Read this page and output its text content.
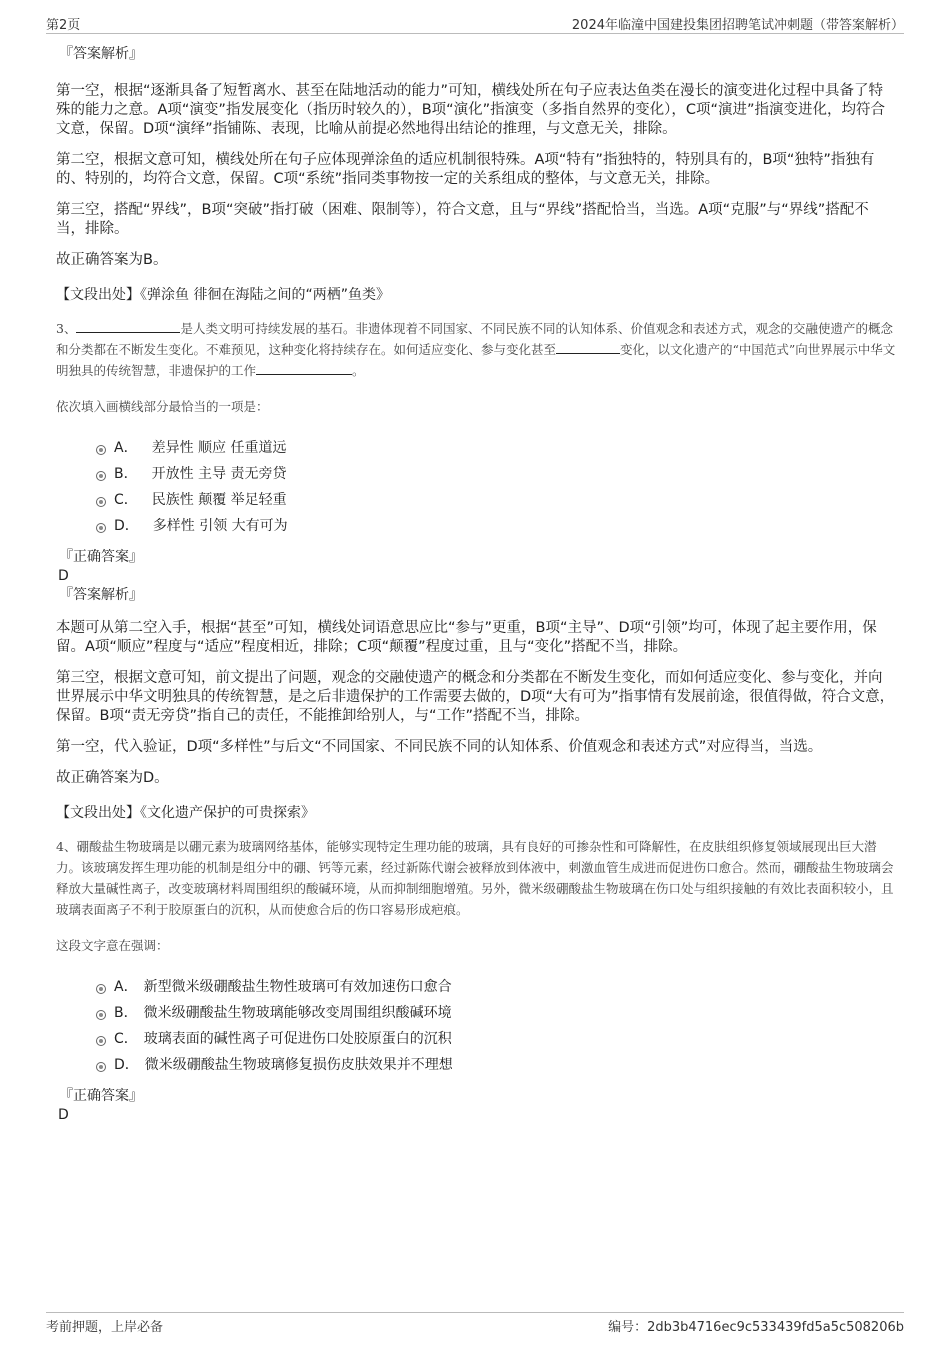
第2页	2024年临潼中国建投集团招聘笔试冲刺题（带答案解析）
『答案解析』
第一空，根据“逐渐具备了短暂离水、甚至在陆地活动的能力”可知，横线处所在句子应表达鱼类在漫长的演变进化过程中具备了特殊的能力之意。A项“演变”指发展变化（指历时较久的），B项“演化”指演变（多指自然界的变化），C项“演进”指演变进化，均符合文意，保留。D项“演绎”指铺陈、表现，比喻从前提必然地得出结论的推理，与文意无关，排除。
第二空，根据文意可知，横线处所在句子应体现弹涂鱼的适应机制很特殊。A项“特有”指独特的，特别具有的，B项“独特”指独有的、特别的，均符合文意，保留。C项“系统”指同类事物按一定的关系组成的整体，与文意无关，排除。
第三空，搭配“界线”，B项“突破”指打破（困难、限制等），符合文意，且与“界线”搭配恰当，当选。A项“克服”与“界线”搭配不当，排除。
故正确答案为B。
【文段出处】《弹涂鱼 徘徊在海陆之间的“两栖”鱼类》
3、	是人类文明可持续发展的基石。非遗体现着不同国家、不同民族不同的认知体系、价值观念和表述方式，观念的交融使遗产的概念和分类都在不断发生变化。不难预见，这种变化将持续存在。如何适应变化、参与变化甚至	变化，以文化遗产的“中国范式”向世界展示中华文明独具的传统智慧，非遗保护的工作	。
依次填入画横线部分最恰当的一项是：
A． 差异性 顺应 任重道远
B． 开放性 主导 责无旁贷
C． 民族性 颠覆 举足轻重
D． 多样性 引领 大有可为
『正确答案』
D
『答案解析』
本题可从第二空入手，根据“甚至”可知，横线处词语意思应比“参与”更重，B项“主导”、D项“引领”均可，体现了起主要作用，保留。A项“顺应”程度与“适应”程度相近，排除；C项“颠覆”程度过重，且与“变化”搭配不当，排除。
第三空，根据文意可知，前文提出了问题，观念的交融使遗产的概念和分类都在不断发生变化，而如何适应变化、参与变化，并向世界展示中华文明独具的传统智慧，是之后非遗保护的工作需要去做的，D项“大有可为”指事情有发展前途，很值得做，符合文意，保留。B项“责无旁贷”指自己的责任，不能推卸给别人，与“工作”搭配不当，排除。
第一空，代入验证，D项“多样性”与后文“不同国家、不同民族不同的认知体系、价值观念和表述方式”对应得当，当选。
故正确答案为D。
【文段出处】《文化遗产保护的可贵探索》
4、硼酸盐生物玻璃是以硼元素为玻璃网络基体，能够实现特定生理功能的玻璃，具有良好的可掺杂性和可降解性，在皮肤组织修复领域展现出巨大潜力。该玻璃发挥生理功能的机制是组分中的硼、钙等元素，经过新陈代谢会被释放到体液中，刺激血管生成进而促进伤口愈合。然而，硼酸盐生物玻璃会释放大量碱性离子，改变玻璃材料周围组织的酸碱环境，从而抑制细胞增殖。另外，微米级硼酸盐生物玻璃在伤口处与组织接触的有效比表面积较小，且玻璃表面离子不利于胶原蛋白的沉积，从而使愈合后的伤口容易形成疤痕。
这段文字意在强调：
A． 新型微米级硼酸盐生物性玻璃可有效加速伤口愈合
B． 微米级硼酸盐生物玻璃能够改变周围组织酸碱环境
C． 玻璃表面的碱性离子可促进伤口处胶原蛋白的沉积
D． 微米级硼酸盐生物玻璃修复损伤皮肤效果并不理想
『正确答案』
D
考前押题，上岸必备	编号：2db3b4716ec9c533439fd5a5c508206b
